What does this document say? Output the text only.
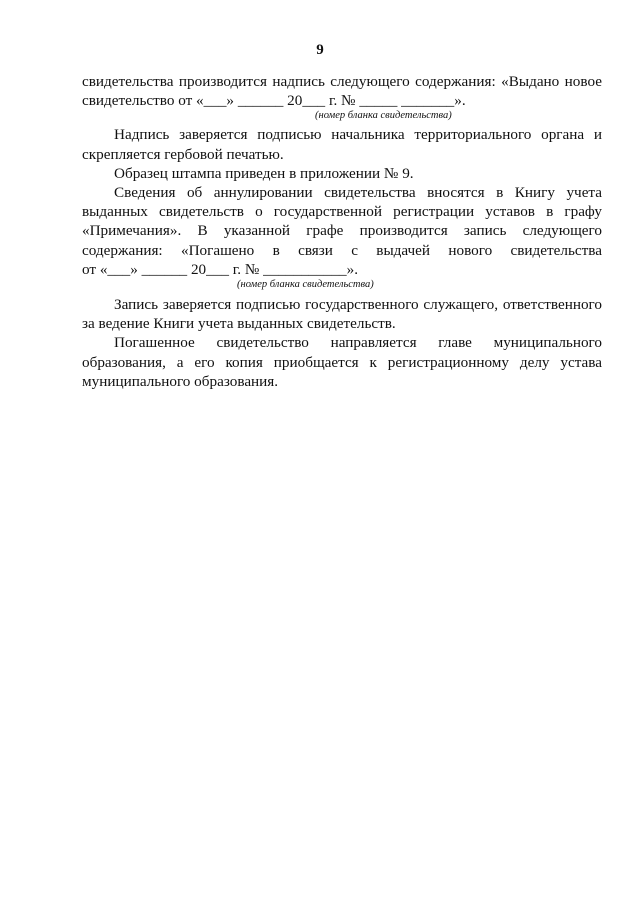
9
свидетельства производится надпись следующего содержания: «Выдано новое
свидетельство от «___» ______ 20___ г. № _____ _______».
(номер бланка свидетельства)
Надпись заверяется подписью начальника территориального органа и
скрепляется гербовой печатью.
Образец штампа приведен в приложении № 9.
Сведения об аннулировании свидетельства вносятся в Книгу учета
выданных свидетельств о государственной регистрации уставов в графу
«Примечания». В указанной графе производится запись следующего
содержания: «Погашено в связи с выдачей нового свидетельства
от «___» ______ 20___ г. № ___________».
(номер бланка свидетельства)
Запись заверяется подписью государственного служащего, ответственного
за ведение Книги учета выданных свидетельств.
Погашенное свидетельство направляется главе муниципального
образования, а его копия приобщается к регистрационному делу устава
муниципального образования.
